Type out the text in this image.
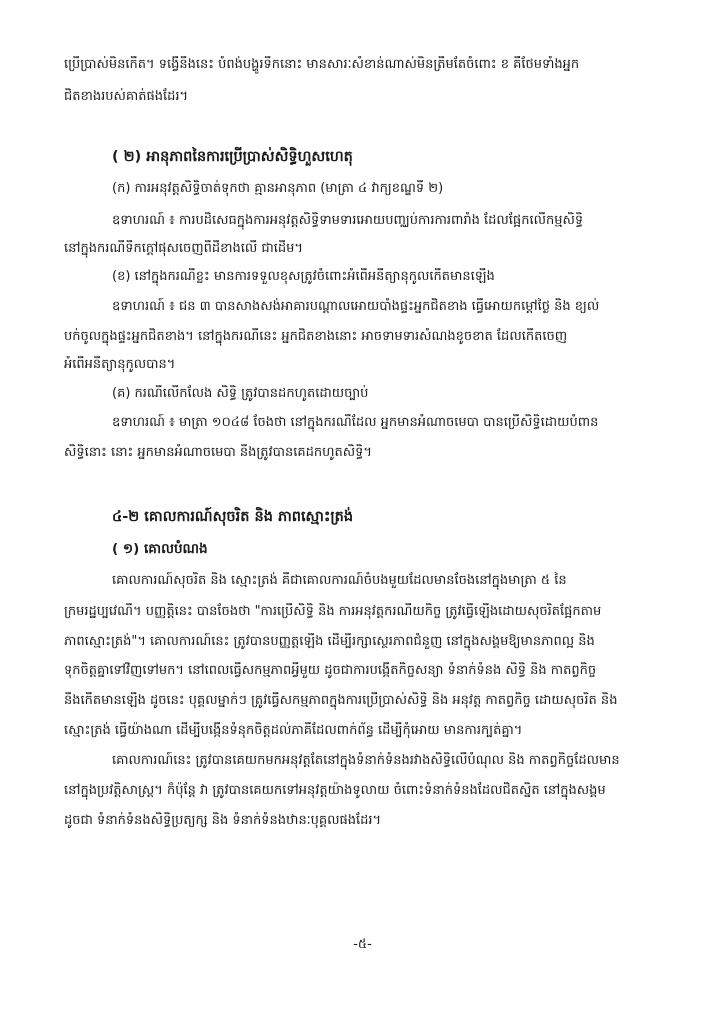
ប្រើប្រាស់មិនកើត។ ទង្វើនឹងនេះ បំពង់បង្ហូរទឹកនោះ មានសារៈសំខាន់ណាស់មិនត្រឹមតែចំពោះ ខ គឺថែមទាំងអ្នក
ជិតខាងរបស់គាត់ផងដែរ។
( ២) អានុភាពនៃការប្រើប្រាស់សិទ្ធិហួសហេតុ
(ក) ការអនុវត្តសិទ្ធិចាត់ទុកថា គ្មានអានុភាព (មាត្រា ៤ វាក្យខណ្ឌទី ២)
ឧទាហរណ៍ ៖ ការបដិសេធក្នុងការអនុវត្តសិទ្ធិទាមទារអោយបញ្ឈប់ការការពារាំង ដែលផ្អែកលើកម្មសិទ្ធិ
នៅក្នុងករណីទឹកក្តៅផុសចេញពីដីខាងលើ ជាដើម។
(ខ) នៅក្នុងករណីខ្លះ មានការទទួលខុសត្រូវចំពោះអំពើអនីត្យានុកូលកើតមានឡើង
ឧទាហរណ៍ ៖ ជន ៣ បានសាងសង់អាគារបណ្តាលអោយបាំងផ្ទះអ្នកជិតខាង ធ្វើអោយកម្តៅថ្ងៃ និង ខ្យល់
បក់ចូលក្នុងផ្ទះអ្នកជិតខាង។ នៅក្នុងករណីនេះ អ្នកជិតខាងនោះ អាចទាមទារសំណងខូចខាត ដែលកើតចេញ
អំពើអនីត្យានុកូលបាន។
(គ) ករណីលើកលែង សិទ្ធិ ត្រូវបានដកហូតដោយច្បាប់
ឧទាហរណ៍ ៖ មាត្រា ១០៤៨ ចែងថា នៅក្នុងករណីដែល អ្នកមានអំណាចមេបា បានប្រើសិទ្ធិដោយបំពាន
សិទ្ធិនោះ នោះ អ្នកមានអំណាចមេបា នឹងត្រូវបានគេដកហូតសិទ្ធិ។
៤-២ គោលការណ៍សុចរិត និង ភាពស្មោះត្រង់
( ១) គោលបំណង
គោលការណ៍សុចរិត និង ស្មោះត្រង់ គឺជាគោលការណ៍ចំបងមួយដែលមានចែងនៅក្នុងមាត្រា ៥ នៃ
ក្រមរដ្ឋប្បវេណី។ បញ្ញត្តិនេះ បានចែងថា "ការប្រើសិទ្ធិ និង ការអនុវត្តករណីយកិច្ច ត្រូវធ្វើឡើងដោយសុចរិតផ្អែកតាម
ភាពស្មោះត្រង់"។ គោលការណ៍នេះ ត្រូវបានបញ្ញត្តឡើង ដើម្បីរក្សាស្ថេរភាពជំនួញ នៅក្នុងសង្គមឱ្យមានភាពល្អ និង
ទុកចិត្តគ្នាទៅវិញទៅមក។ នៅពេលធ្វើសកម្មភាពអ្វីមួយ ដូចជាការបង្កើតកិច្ចសន្យា ទំនាក់ទំនង សិទ្ធិ និង កាតព្វកិច្ច
នឹងកើតមានឡើង ដូចនេះ បុគ្គលម្នាក់ៗ ត្រូវធ្វើសកម្មភាពក្នុងការប្រើប្រាស់សិទ្ធិ និង អនុវត្ត កាតព្វកិច្ច ដោយសុចរិត និង
ស្មោះត្រង់ ធ្វើយ៉ាងណា ដើម្បីបង្កើនទំនុកចិត្តដល់ភាគីដែលពាក់ព័ន្ធ ដើម្បីកុំអោយ មានការក្បត់គ្នា។
គោលការណ៍នេះ ត្រូវបានគេយកមកអនុវត្តតែនៅក្នុងទំនាក់ទំនងរវាងសិទ្ធិលើបំណុល និង កាតព្វកិច្ចដែលមាន
នៅក្នុងប្រវត្តិសាស្ត្រ។ ក៏ប៉ុន្តែ វា ត្រូវបានគេយកទៅអនុវត្តយ៉ាងទូលាយ ចំពោះទំនាក់ទំនងដែលជិតស្និត នៅក្នុងសង្គម
ដូចជា ទំនាក់ទំនងសិទ្ធិប្រត្យក្ស និង ទំនាក់ទំនងឋានៈបុគ្គលផងដែរ។
-៥-
